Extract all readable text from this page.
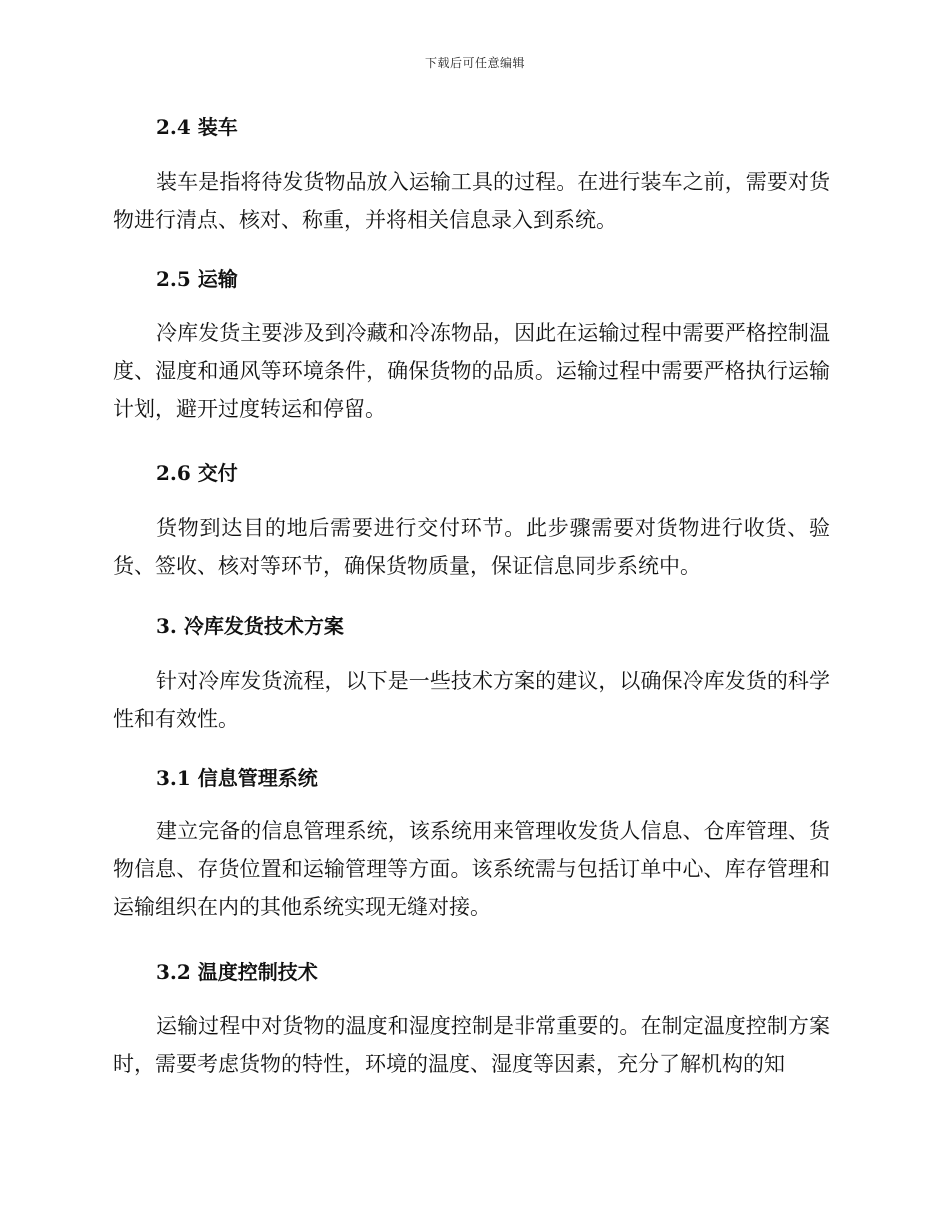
下载后可任意编辑
2.4 装车
装车是指将待发货物品放入运输工具的过程。在进行装车之前，需要对货物进行清点、核对、称重，并将相关信息录入到系统。
2.5 运输
冷库发货主要涉及到冷藏和冷冻物品，因此在运输过程中需要严格控制温度、湿度和通风等环境条件，确保货物的品质。运输过程中需要严格执行运输计划，避开过度转运和停留。
2.6 交付
货物到达目的地后需要进行交付环节。此步骤需要对货物进行收货、验货、签收、核对等环节，确保货物质量，保证信息同步系统中。
3. 冷库发货技术方案
针对冷库发货流程，以下是一些技术方案的建议，以确保冷库发货的科学性和有效性。
3.1 信息管理系统
建立完备的信息管理系统，该系统用来管理收发货人信息、仓库管理、货物信息、存货位置和运输管理等方面。该系统需与包括订单中心、库存管理和运输组织在内的其他系统实现无缝对接。
3.2 温度控制技术
运输过程中对货物的温度和湿度控制是非常重要的。在制定温度控制方案时，需要考虑货物的特性，环境的温度、湿度等因素，充分了解机构的知
